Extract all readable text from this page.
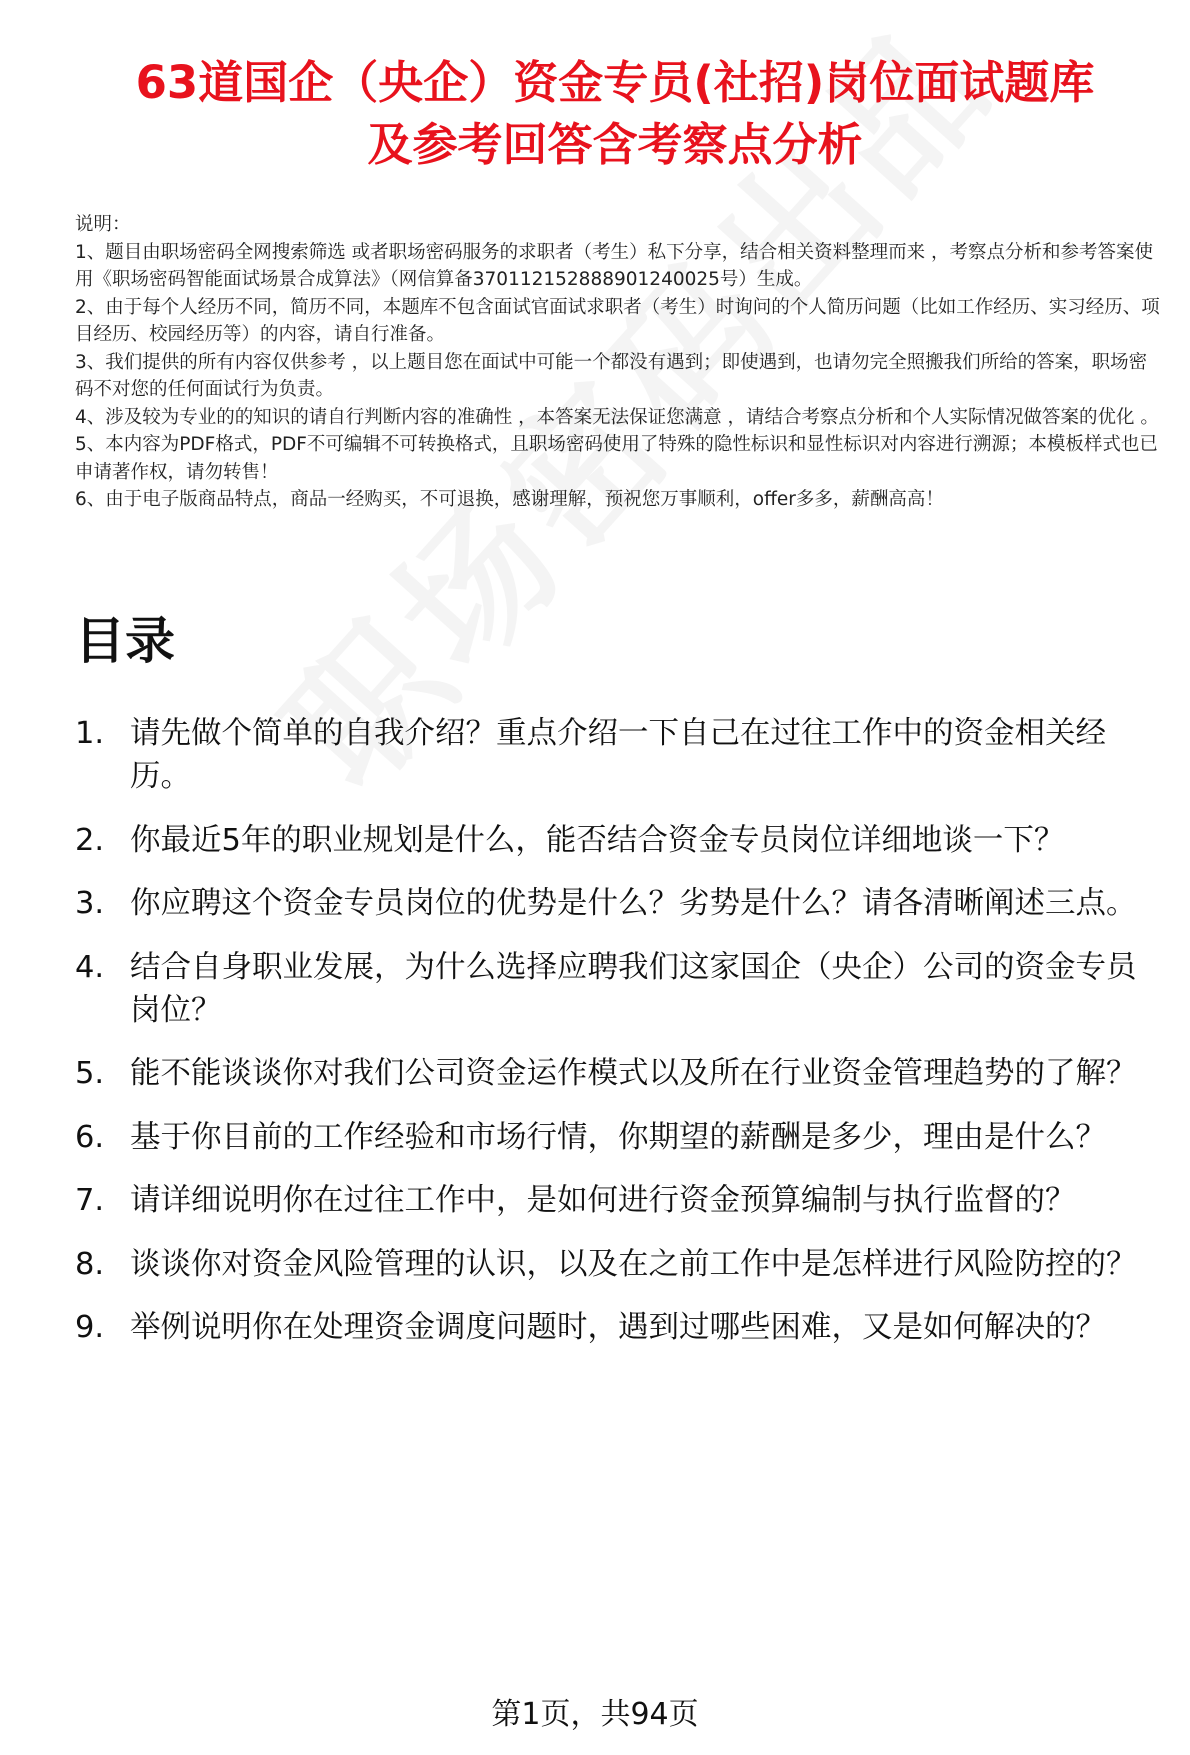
63道国企（央企）资金专员(社招)岗位面试题库
及参考回答含考察点分析

说明：

1、题目由职场密码全网搜索筛选 或者职场密码服务的求职者（考生）私下分享，结合相关资料整理而来 ，考察点分析和参考答案使用《职场密码智能面试场景合成算法》（网信算备370112152888901240025号）生成。

2、由于每个人经历不同，简历不同，本题库不包含面试官面试求职者（考生）时询问的个人简历问题（比如工作经历、实习经历、项目经历、校园经历等）的内容，请自行准备。

3、我们提供的所有内容仅供参考 ，以上题目您在面试中可能一个都没有遇到；即使遇到，也请勿完全照搬我们所给的答案，职场密码不对您的任何面试行为负责。

4、涉及较为专业的的知识的请自行判断内容的准确性 ，本答案无法保证您满意 ，请结合考察点分析和个人实际情况做答案的优化 。

5、本内容为PDF格式，PDF不可编辑不可转换格式，且职场密码使用了特殊的隐性标识和显性标识对内容进行溯源；本模板样式也已申请著作权，请勿转售！

6、由于电子版商品特点，商品一经购买，不可退换，感谢理解，预祝您万事顺利，offer多多，薪酬高高！

目录
1. 请先做个简单的自我介绍？重点介绍一下自己在过往工作中的资金相关经历。
2. 你最近5年的职业规划是什么，能否结合资金专员岗位详细地谈一下？
3. 你应聘这个资金专员岗位的优势是什么？劣势是什么？请各清晰阐述三点。
4. 结合自身职业发展，为什么选择应聘我们这家国企（央企）公司的资金专员岗位？
5. 能不能谈谈你对我们公司资金运作模式以及所在行业资金管理趋势的了解？
6. 基于你目前的工作经验和市场行情，你期望的薪酬是多少，理由是什么？
7. 请详细说明你在过往工作中，是如何进行资金预算编制与执行监督的？
8. 谈谈你对资金风险管理的认识，以及在之前工作中是怎样进行风险防控的？
9. 举例说明你在处理资金调度问题时，遇到过哪些困难，又是如何解决的？
第1页，共94页
